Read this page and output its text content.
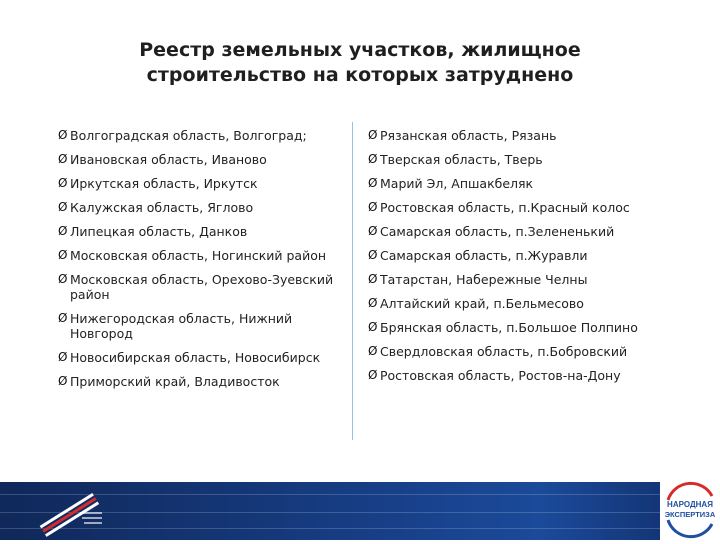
Реестр земельных участков, жилищное
строительство на которых затруднено
Ø Волгоградская область, Волгоград;
Ø Ивановская область, Иваново
Ø Иркутская область, Иркутск
Ø Калужская область, Яглово
Ø Липецкая область, Данков
Ø Московская область, Ногинский район
Ø Московская область, Орехово-Зуевский район
Ø Нижегородская область, Нижний Новгород
Ø Новосибирская область, Новосибирск
Ø Приморский край, Владивосток
Ø Рязанская область, Рязань
Ø Тверская область, Тверь
Ø Марий Эл, Апшакбеляк
Ø Ростовская область, п.Красный колос
Ø Самарская область, п.Зелененький
Ø Самарская область, п.Журавли
Ø Татарстан, Набережные Челны
Ø Алтайский край, п.Бельмесово
Ø Брянская область, п.Большое Полпино
Ø Свердловская область, п.Бобровский
Ø Ростовская область, Ростов-на-Дону
НАРОДНАЯ
ЭКСПЕРТИЗА
